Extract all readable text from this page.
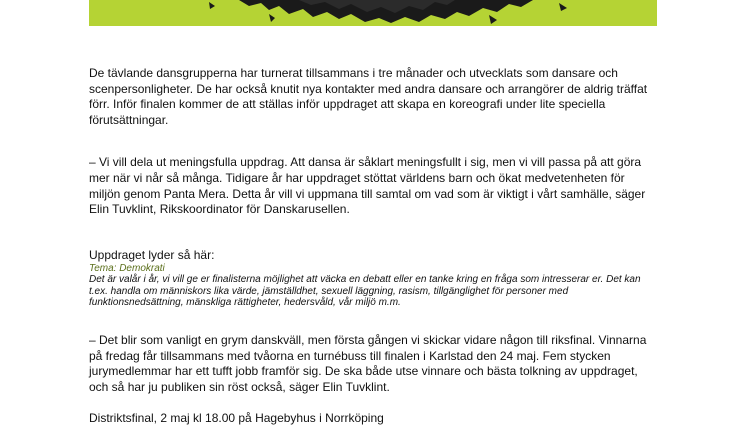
De tävlande dansgrupperna har turnerat tillsammans i tre månader och utvecklats som dansare och scenpersonligheter. De har också knutit nya kontakter med andra dansare och arrangörer de aldrig träffat förr. Inför finalen kommer de att ställas inför uppdraget att skapa en koreografi under lite speciella förutsättningar.

– Vi vill dela ut meningsfulla uppdrag. Att dansa är såklart meningsfullt i sig, men vi vill passa på att göra mer när vi når så många. Tidigare år har uppdraget stöttat världens barn och ökat medvetenheten för miljön genom Panta Mera. Detta år vill vi uppmana till samtal om vad som är viktigt i vårt samhälle, säger Elin Tuvklint, Rikskoordinator för Danskarusellen.

Uppdraget lyder så här:

Tema: Demokrati

Det är valår i år, vi vill ge er finalisterna möjlighet att väcka en debatt eller en tanke kring en fråga som intresserar er. Det kan t.ex. handla om människors lika värde, jämställdhet, sexuell läggning, rasism, tillgänglighet för personer med funktionsnedsättning, mänskliga rättigheter, hedersvåld, vår miljö m.m.

– Det blir som vanligt en grym danskväll, men första gången vi skickar vidare någon till riksfinal. Vinnarna på fredag får tillsammans med tvåorna en turnébuss till finalen i Karlstad den 24 maj. Fem stycken jurymedlemmar har ett tufft jobb framför sig. De ska både utse vinnare och bästa tolkning av uppdraget, och så har ju publiken sin röst också, säger Elin Tuvklint.

Distriktsfinal, 2 maj kl 18.00 på Hagebyhus i Norrköping
